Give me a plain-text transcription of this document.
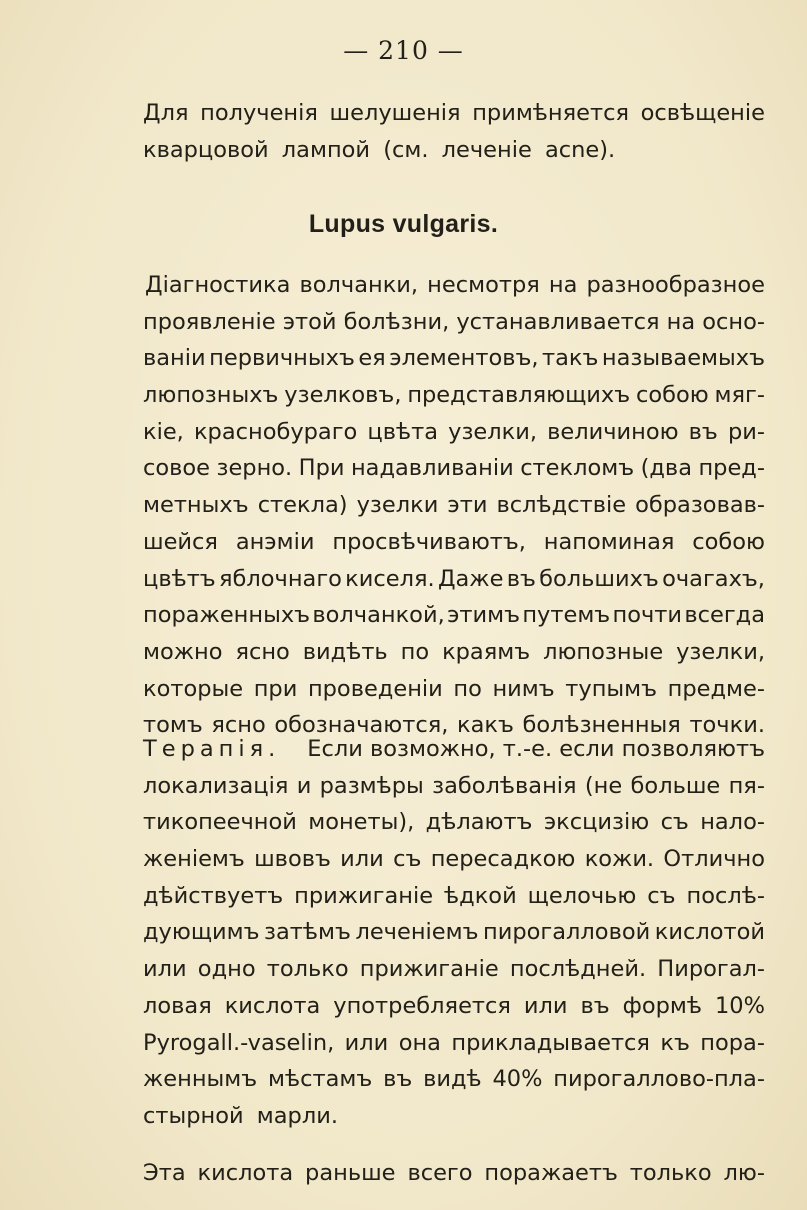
— 210 —
Для полученія шелушенія примѣняется освѣщеніе
кварцовой лампой (см. леченіе acne).
Lupus vulgaris.
Діагностика волчанки, несмотря на разнообразное
проявленіе этой болѣзни, устанавливается на осно-
ваніи первичныхъ ея элементовъ, такъ называемыхъ
люпозныхъ узелковъ, представляющихъ собою мяг-
кіе, краснобураго цвѣта узелки, величиною въ ри-
совое зерно. При надавливаніи стекломъ (два пред-
метныхъ стекла) узелки эти вслѣдствіе образовав-
шейся анэміи просвѣчиваютъ, напоминая собою
цвѣтъ яблочнаго киселя. Даже въ большихъ очагахъ,
пораженныхъ волчанкой, этимъ путемъ почти всегда
можно ясно видѣть по краямъ люпозные узелки,
которые при проведеніи по нимъ тупымъ предме-
томъ ясно обозначаются, какъ болѣзненныя точки.
Терапія. Если возможно, т.-е. если позволяютъ
локализація и размѣры заболѣванія (не больше пя-
тикопеечной монеты), дѣлаютъ эксцизію съ нало-
женіемъ швовъ или съ пересадкою кожи. Отлично
дѣйствуетъ прижиганіе ѣдкой щелочью съ послѣ-
дующимъ затѣмъ леченіемъ пирогалловой кислотой
или одно только прижиганіе послѣдней. Пирогал-
ловая кислота употребляется или въ формѣ 10%
Pyrogall.-vaselin, или она прикладывается къ пора-
женнымъ мѣстамъ въ видѣ 40% пирогаллово-пла-
стырной марли.
Эта кислота раньше всего поражаетъ только лю-
